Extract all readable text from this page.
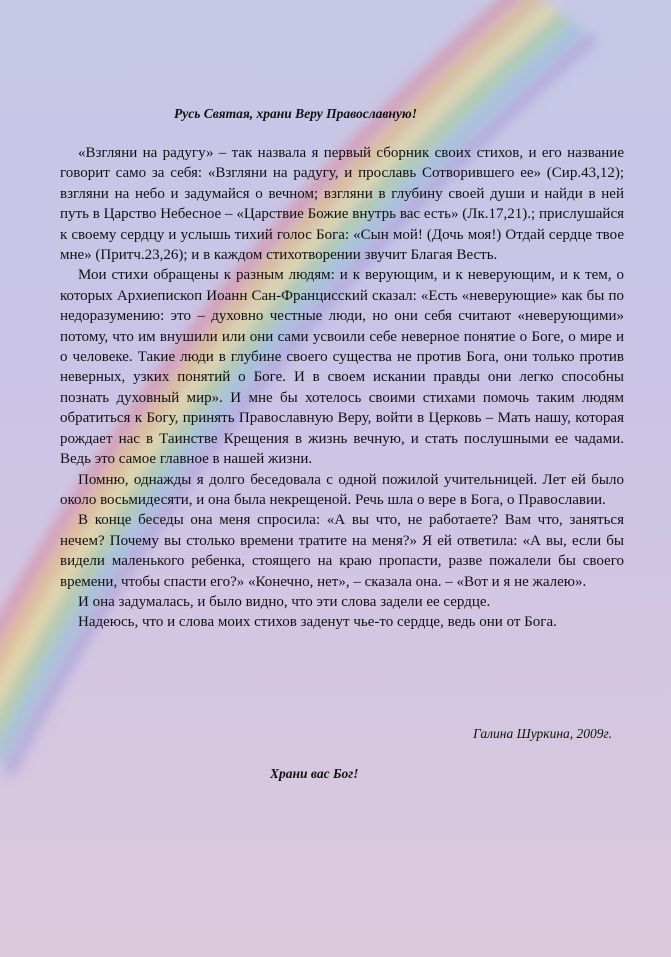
Русь Святая, храни Веру Православную!

«Взгляни на радугу» – так назвала я первый сборник своих стихов, и его название говорит само за себя: «Взгляни на радугу, и прославь Сотворившего ее» (Сир.43,12); взгляни на небо и задумайся о вечном; взгляни в глубину своей души и найди в ней путь в Царство Небесное – «Царствие Божие внутрь вас есть» (Лк.17,21).; прислушайся к своему сердцу и услышь тихий голос Бога: «Сын мой! (Дочь моя!) Отдай сердце твое мне» (Притч.23,26); и в каждом стихотворении звучит Благая Весть.

Мои стихи обращены к разным людям: и к верующим, и к неверующим, и к тем, о которых Архиепископ Иоанн Сан-Францисский сказал: «Есть «неверующие» как бы по недоразумению: это – духовно честные люди, но они себя считают «неверующими» потому, что им внушили или они сами усвоили себе неверное понятие о Боге, о мире и о человеке. Такие люди в глубине своего существа не против Бога, они только против неверных, узких понятий о Боге. И в своем искании правды они легко способны познать духовный мир». И мне бы хотелось своими стихами помочь таким людям обратиться к Богу, принять Православную Веру, войти в Церковь – Мать нашу, которая рождает нас в Таинстве Крещения в жизнь вечную, и стать послушными ее чадами. Ведь это самое главное в нашей жизни.

Помню, однажды я долго беседовала с одной пожилой учительницей. Лет ей было около восьмидесяти, и она была некрещеной. Речь шла о вере в Бога, о Православии.

В конце беседы она меня спросила: «А вы что, не работаете? Вам что, заняться нечем? Почему вы столько времени тратите на меня?» Я ей ответила: «А вы, если бы видели маленького ребенка, стоящего на краю пропасти, разве пожалели бы своего времени, чтобы спасти его?» «Конечно, нет», – сказала она. – «Вот и я не жалею».

И она задумалась, и было видно, что эти слова задели ее сердце.

Надеюсь, что и слова моих стихов заденут чье-то сердце, ведь они от Бога.

Галина Шуркина, 2009г.
Храни вас Бог!
